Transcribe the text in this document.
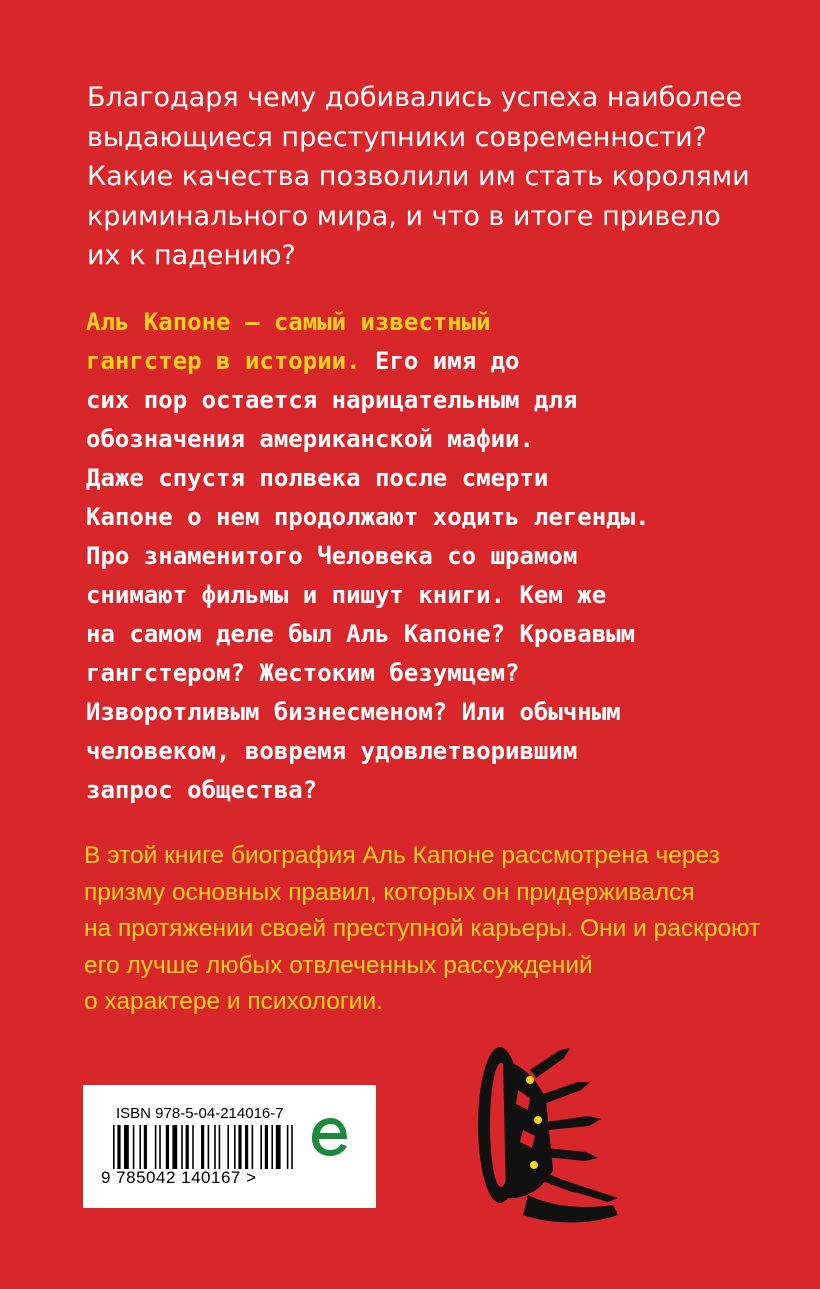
Благодаря чему добивались успеха наиболее
выдающиеся преступники современности?
Какие качества позволили им стать королями
криминального мира, и что в итоге привело
их к падению?
Аль Капоне – самый известный
гангстер в истории. Его имя до
сих пор остается нарицательным для
обозначения американской мафии.
Даже спустя полвека после смерти
Капоне о нем продолжают ходить легенды.
Про знаменитого Человека со шрамом
снимают фильмы и пишут книги. Кем же
на самом деле был Аль Капоне? Кровавым
гангстером? Жестоким безумцем?
Изворотливым бизнесменом? Или обычным
человеком, вовремя удовлетворившим
запрос общества?
В этой книге биография Аль Капоне рассмотрена через
призму основных правил, которых он придерживался
на протяжении своей преступной карьеры. Они и раскроют
его лучше любых отвлеченных рассуждений
о характере и психологии.
ISBN 978-5-04-214016-7
9 785042 140167 >	ЭКСМО
